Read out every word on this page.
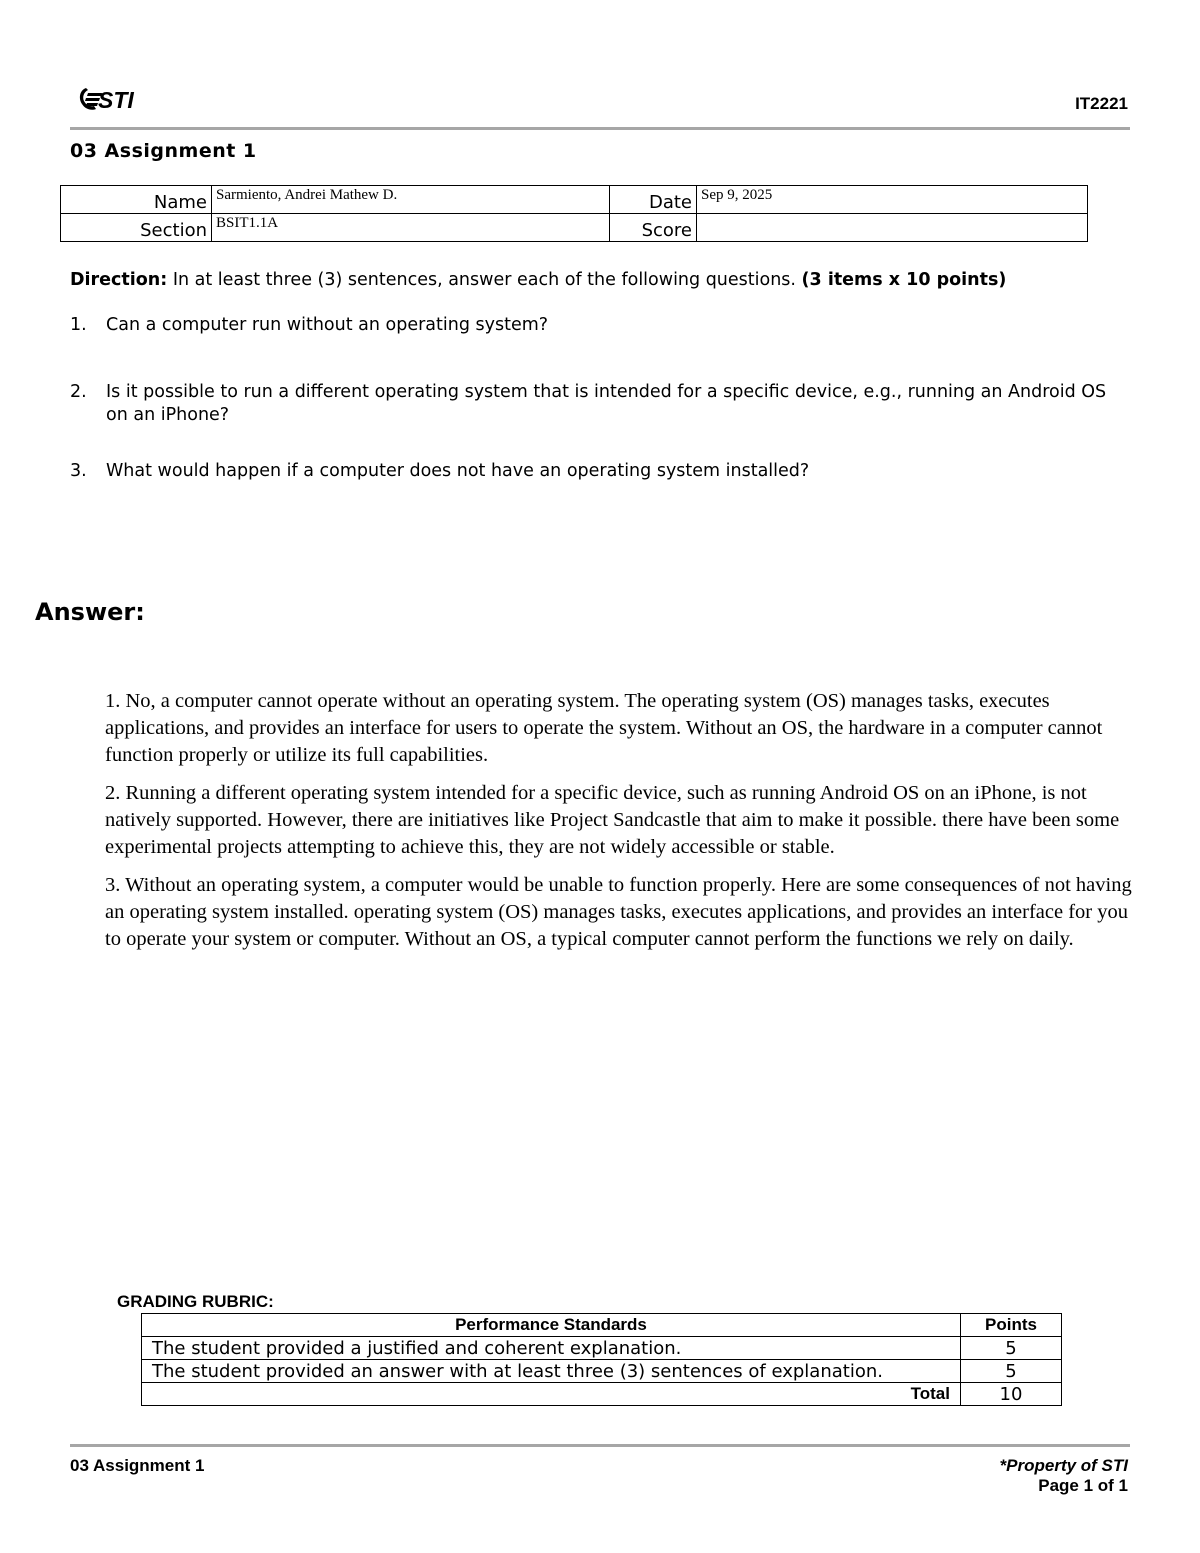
STI	IT2221
03 Assignment 1
Name	Sarmiento, Andrei Mathew D.	Date	Sep 9, 2025
Section	BSIT1.1A	Score	
Direction: In at least three (3) sentences, answer each of the following questions. (3 items x 10 points)
1. Can a computer run without an operating system?
2. Is it possible to run a different operating system that is intended for a specific device, e.g., running an Android OS on an iPhone?
3. What would happen if a computer does not have an operating system installed?
Answer:

1. No, a computer cannot operate without an operating system. The operating system (OS) manages tasks, executes applications, and provides an interface for users to operate the system. Without an OS, the hardware in a computer cannot function properly or utilize its full capabilities.

2. Running a different operating system intended for a specific device, such as running Android OS on an iPhone, is not natively supported. However, there are initiatives like Project Sandcastle that aim to make it possible. there have been some experimental projects attempting to achieve this, they are not widely accessible or stable.

3. Without an operating system, a computer would be unable to function properly. Here are some consequences of not having an operating system installed. operating system (OS) manages tasks, executes applications, and provides an interface for you to operate your system or computer. Without an OS, a typical computer cannot perform the functions we rely on daily.

GRADING RUBRIC:
Performance Standards	Points
The student provided a justified and coherent explanation.	5
The student provided an answer with at least three (3) sentences of explanation.	5
Total	10
03 Assignment 1	*Property of STI
Page 1 of 1
